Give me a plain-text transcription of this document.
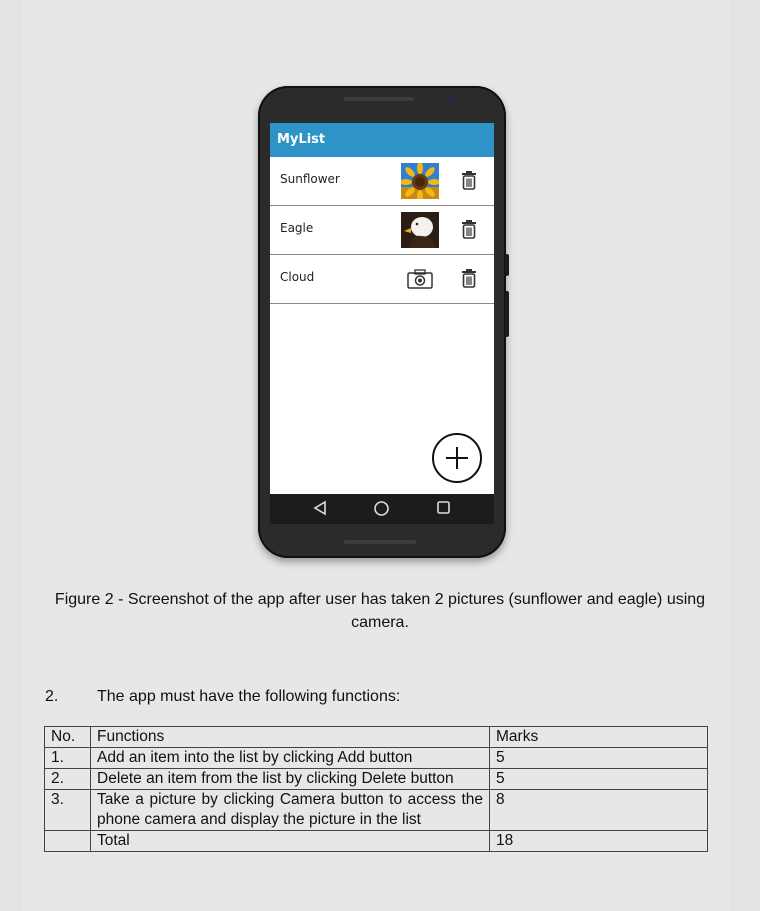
MyList
Sunflower
Eagle
Cloud
Figure 2 - Screenshot of the app after user has taken 2 pictures (sunflower and eagle) using camera.
2. The app must have the following functions:
No.	Functions	Marks
1.	Add an item into the list by clicking Add button	5
2.	Delete an item from the list by clicking Delete button	5
3.	Take a picture by clicking Camera button to access the phone camera and display the picture in the list	8
	Total	18
